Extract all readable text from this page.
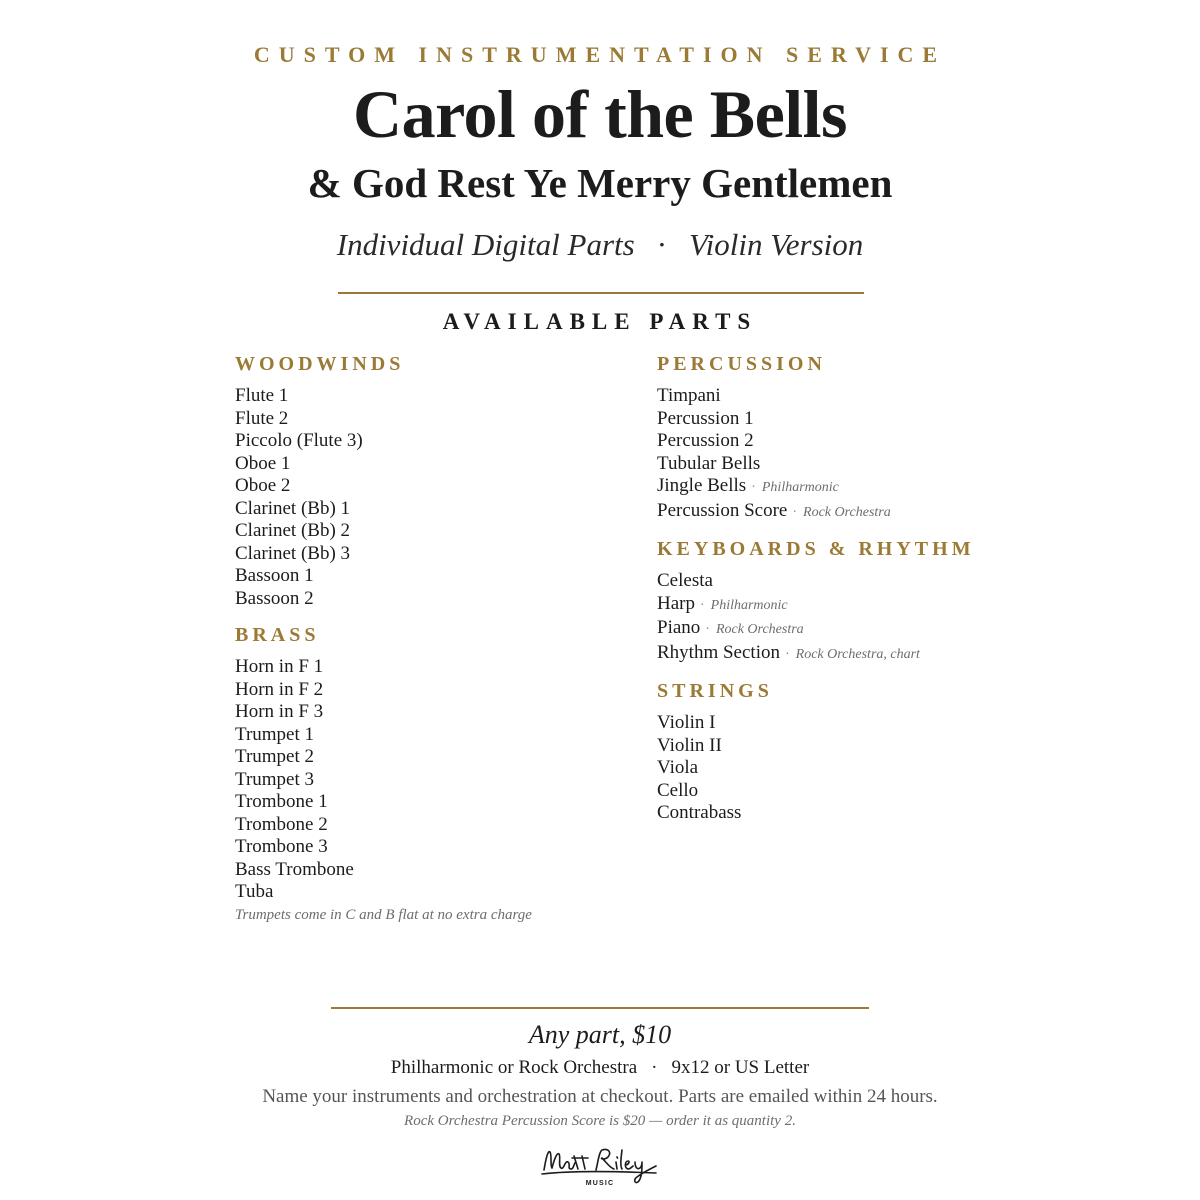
CUSTOM INSTRUMENTATION SERVICE
Carol of the Bells
& God Rest Ye Merry Gentlemen
Individual Digital Parts · Violin Version
AVAILABLE PARTS
WOODWINDS
Flute 1
Flute 2
Piccolo (Flute 3)
Oboe 1
Oboe 2
Clarinet (Bb) 1
Clarinet (Bb) 2
Clarinet (Bb) 3
Bassoon 1
Bassoon 2
BRASS
Horn in F 1
Horn in F 2
Horn in F 3
Trumpet 1
Trumpet 2
Trumpet 3
Trombone 1
Trombone 2
Trombone 3
Bass Trombone
Tuba
Trumpets come in C and B flat at no extra charge
PERCUSSION
Timpani
Percussion 1
Percussion 2
Tubular Bells
Jingle Bells · Philharmonic
Percussion Score · Rock Orchestra
KEYBOARDS & RHYTHM
Celesta
Harp · Philharmonic
Piano · Rock Orchestra
Rhythm Section · Rock Orchestra, chart
STRINGS
Violin I
Violin II
Viola
Cello
Contrabass
Any part, $10
Philharmonic or Rock Orchestra · 9x12 or US Letter
Name your instruments and orchestration at checkout. Parts are emailed within 24 hours.
Rock Orchestra Percussion Score is $20 — order it as quantity 2.
MUSIC
